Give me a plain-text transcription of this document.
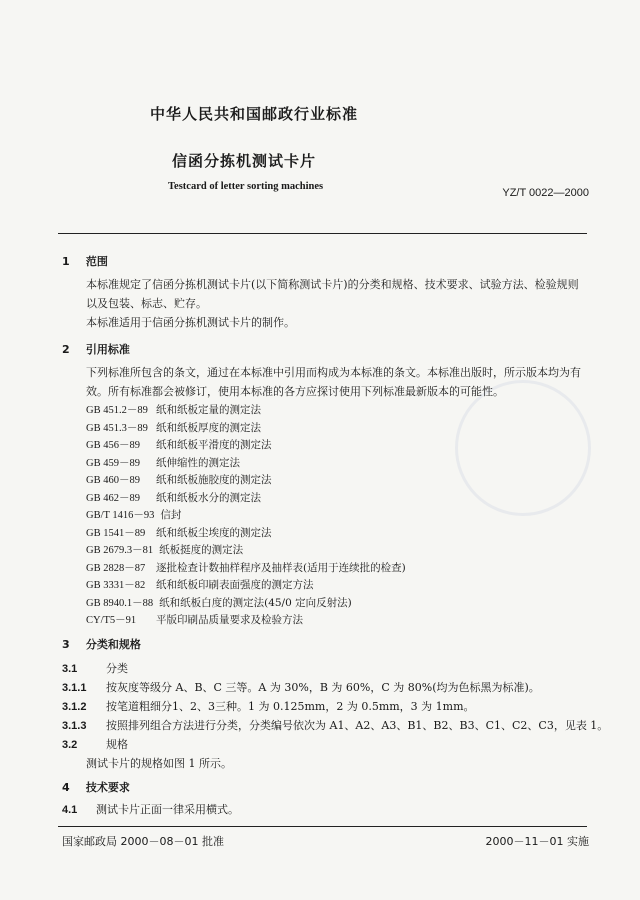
中华人民共和国邮政行业标准
信函分拣机测试卡片
Testcard of letter sorting machines
YZ/T 0022—2000
1 范围
本标准规定了信函分拣机测试卡片(以下简称测试卡片)的分类和规格、技术要求、试验方法、检验规则以及包装、标志、贮存。
本标准适用于信函分拣机测试卡片的制作。
2 引用标准
下列标准所包含的条文，通过在本标准中引用而构成为本标准的条文。本标准出版时，所示版本均为有效。所有标准都会被修订，使用本标准的各方应探讨使用下列标准最新版本的可能性。
GB 451.2－89 纸和纸板定量的测定法
GB 451.3－89 纸和纸板厚度的测定法
GB 456－89 纸和纸板平滑度的测定法
GB 459－89 纸伸缩性的测定法
GB 460－89 纸和纸板施胶度的测定法
GB 462－89 纸和纸板水分的测定法
GB/T 1416－93 信封
GB 1541－89 纸和纸板尘埃度的测定法
GB 2679.3－81 纸板挺度的测定法
GB 2828－87 逐批检查计数抽样程序及抽样表(适用于连续批的检查)
GB 3331－82 纸和纸板印刷表面强度的测定方法
GB 8940.1－88 纸和纸板白度的测定法(45/0 定向反射法)
CY/T5－91 平版印刷品质量要求及检验方法
3 分类和规格
3.1	分类
3.1.1 按灰度等级分 A、B、C 三等。A 为 30%，B 为 60%，C 为 80%(均为色标黑为标准)。
3.1.2 按笔道粗细分1、2、3三种。1 为 0.125mm，2 为 0.5mm，3 为 1mm。
3.1.3 按照排列组合方法进行分类，分类编号依次为 A1、A2、A3、B1、B2、B3、C1、C2、C3，见表 1。
3.2	规格
测试卡片的规格如图 1 所示。
4 技术要求
4.1 测试卡片正面一律采用横式。
国家邮政局 2000－08－01 批准	2000－11－01 实施
